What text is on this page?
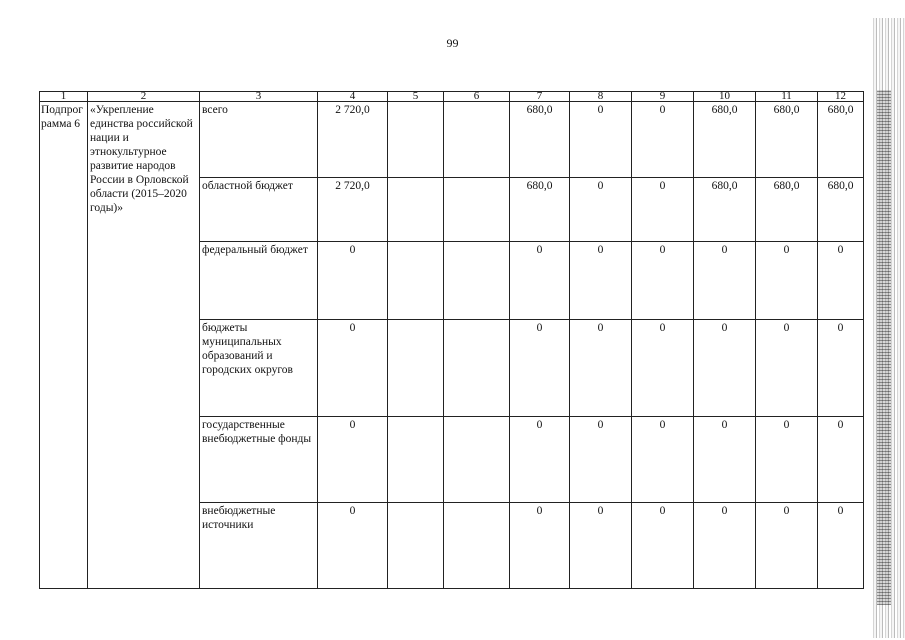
99
1	2	3	4	5	6	7	8	9	10	11	12
Подпрог рамма 6	«Укрепление единства российской нации и этнокультурное развитие народов России в Орловской области (2015–2020 годы)»	всего	2 720,0			680,0	0	0	680,0	680,0	680,0
		областной бюджет	2 720,0			680,0	0	0	680,0	680,0	680,0
		федеральный бюджет	0			0	0	0	0	0	0
		бюджеты муниципальных образований и городских округов	0			0	0	0	0	0	0
		государственные внебюджетные фонды	0			0	0	0	0	0	0
		внебюджетные источники	0			0	0	0	0	0	0
